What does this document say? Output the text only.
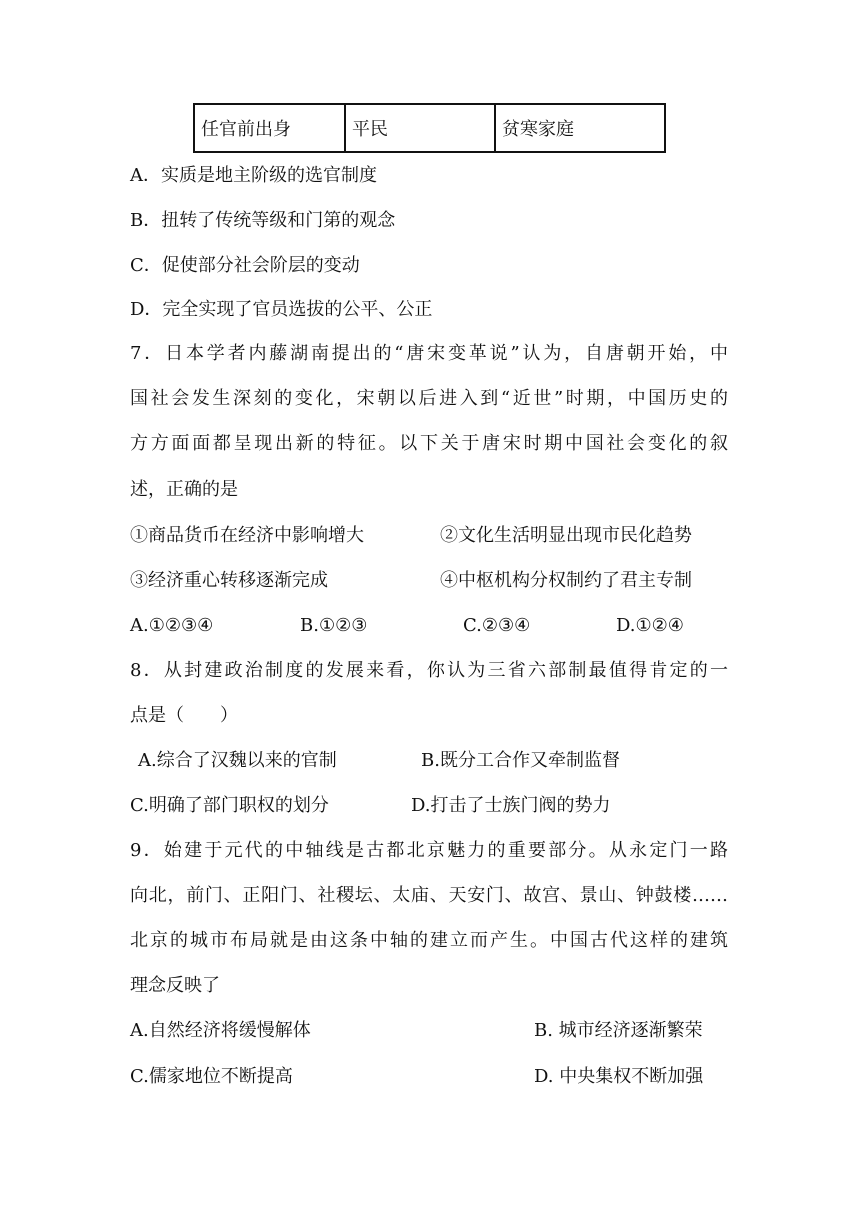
任官前出身	平民	贫寒家庭
A．实质是地主阶级的选官制度
B．扭转了传统等级和门第的观念
C．促使部分社会阶层的变动
D．完全实现了官员选拔的公平、公正
7．日本学者内藤湖南提出的“唐宋变革说”认为，自唐朝开始，中
国社会发生深刻的变化，宋朝以后进入到“近世”时期，中国历史的
方方面面都呈现出新的特征。以下关于唐宋时期中国社会变化的叙
述，正确的是
①商品货币在经济中影响增大	②文化生活明显出现市民化趋势
③经济重心转移逐渐完成	④中枢机构分权制约了君主专制
A.①②③④	B.①②③	C.②③④	D.①②④
8．从封建政治制度的发展来看，你认为三省六部制最值得肯定的一
点是（　　）
A.综合了汉魏以来的官制	B.既分工合作又牵制监督
C.明确了部门职权的划分	D.打击了士族门阀的势力
9．始建于元代的中轴线是古都北京魅力的重要部分。从永定门一路
向北，前门、正阳门、社稷坛、太庙、天安门、故宫、景山、钟鼓楼……
北京的城市布局就是由这条中轴的建立而产生。中国古代这样的建筑
理念反映了
A.自然经济将缓慢解体	B. 城市经济逐渐繁荣
C.儒家地位不断提高	D. 中央集权不断加强
